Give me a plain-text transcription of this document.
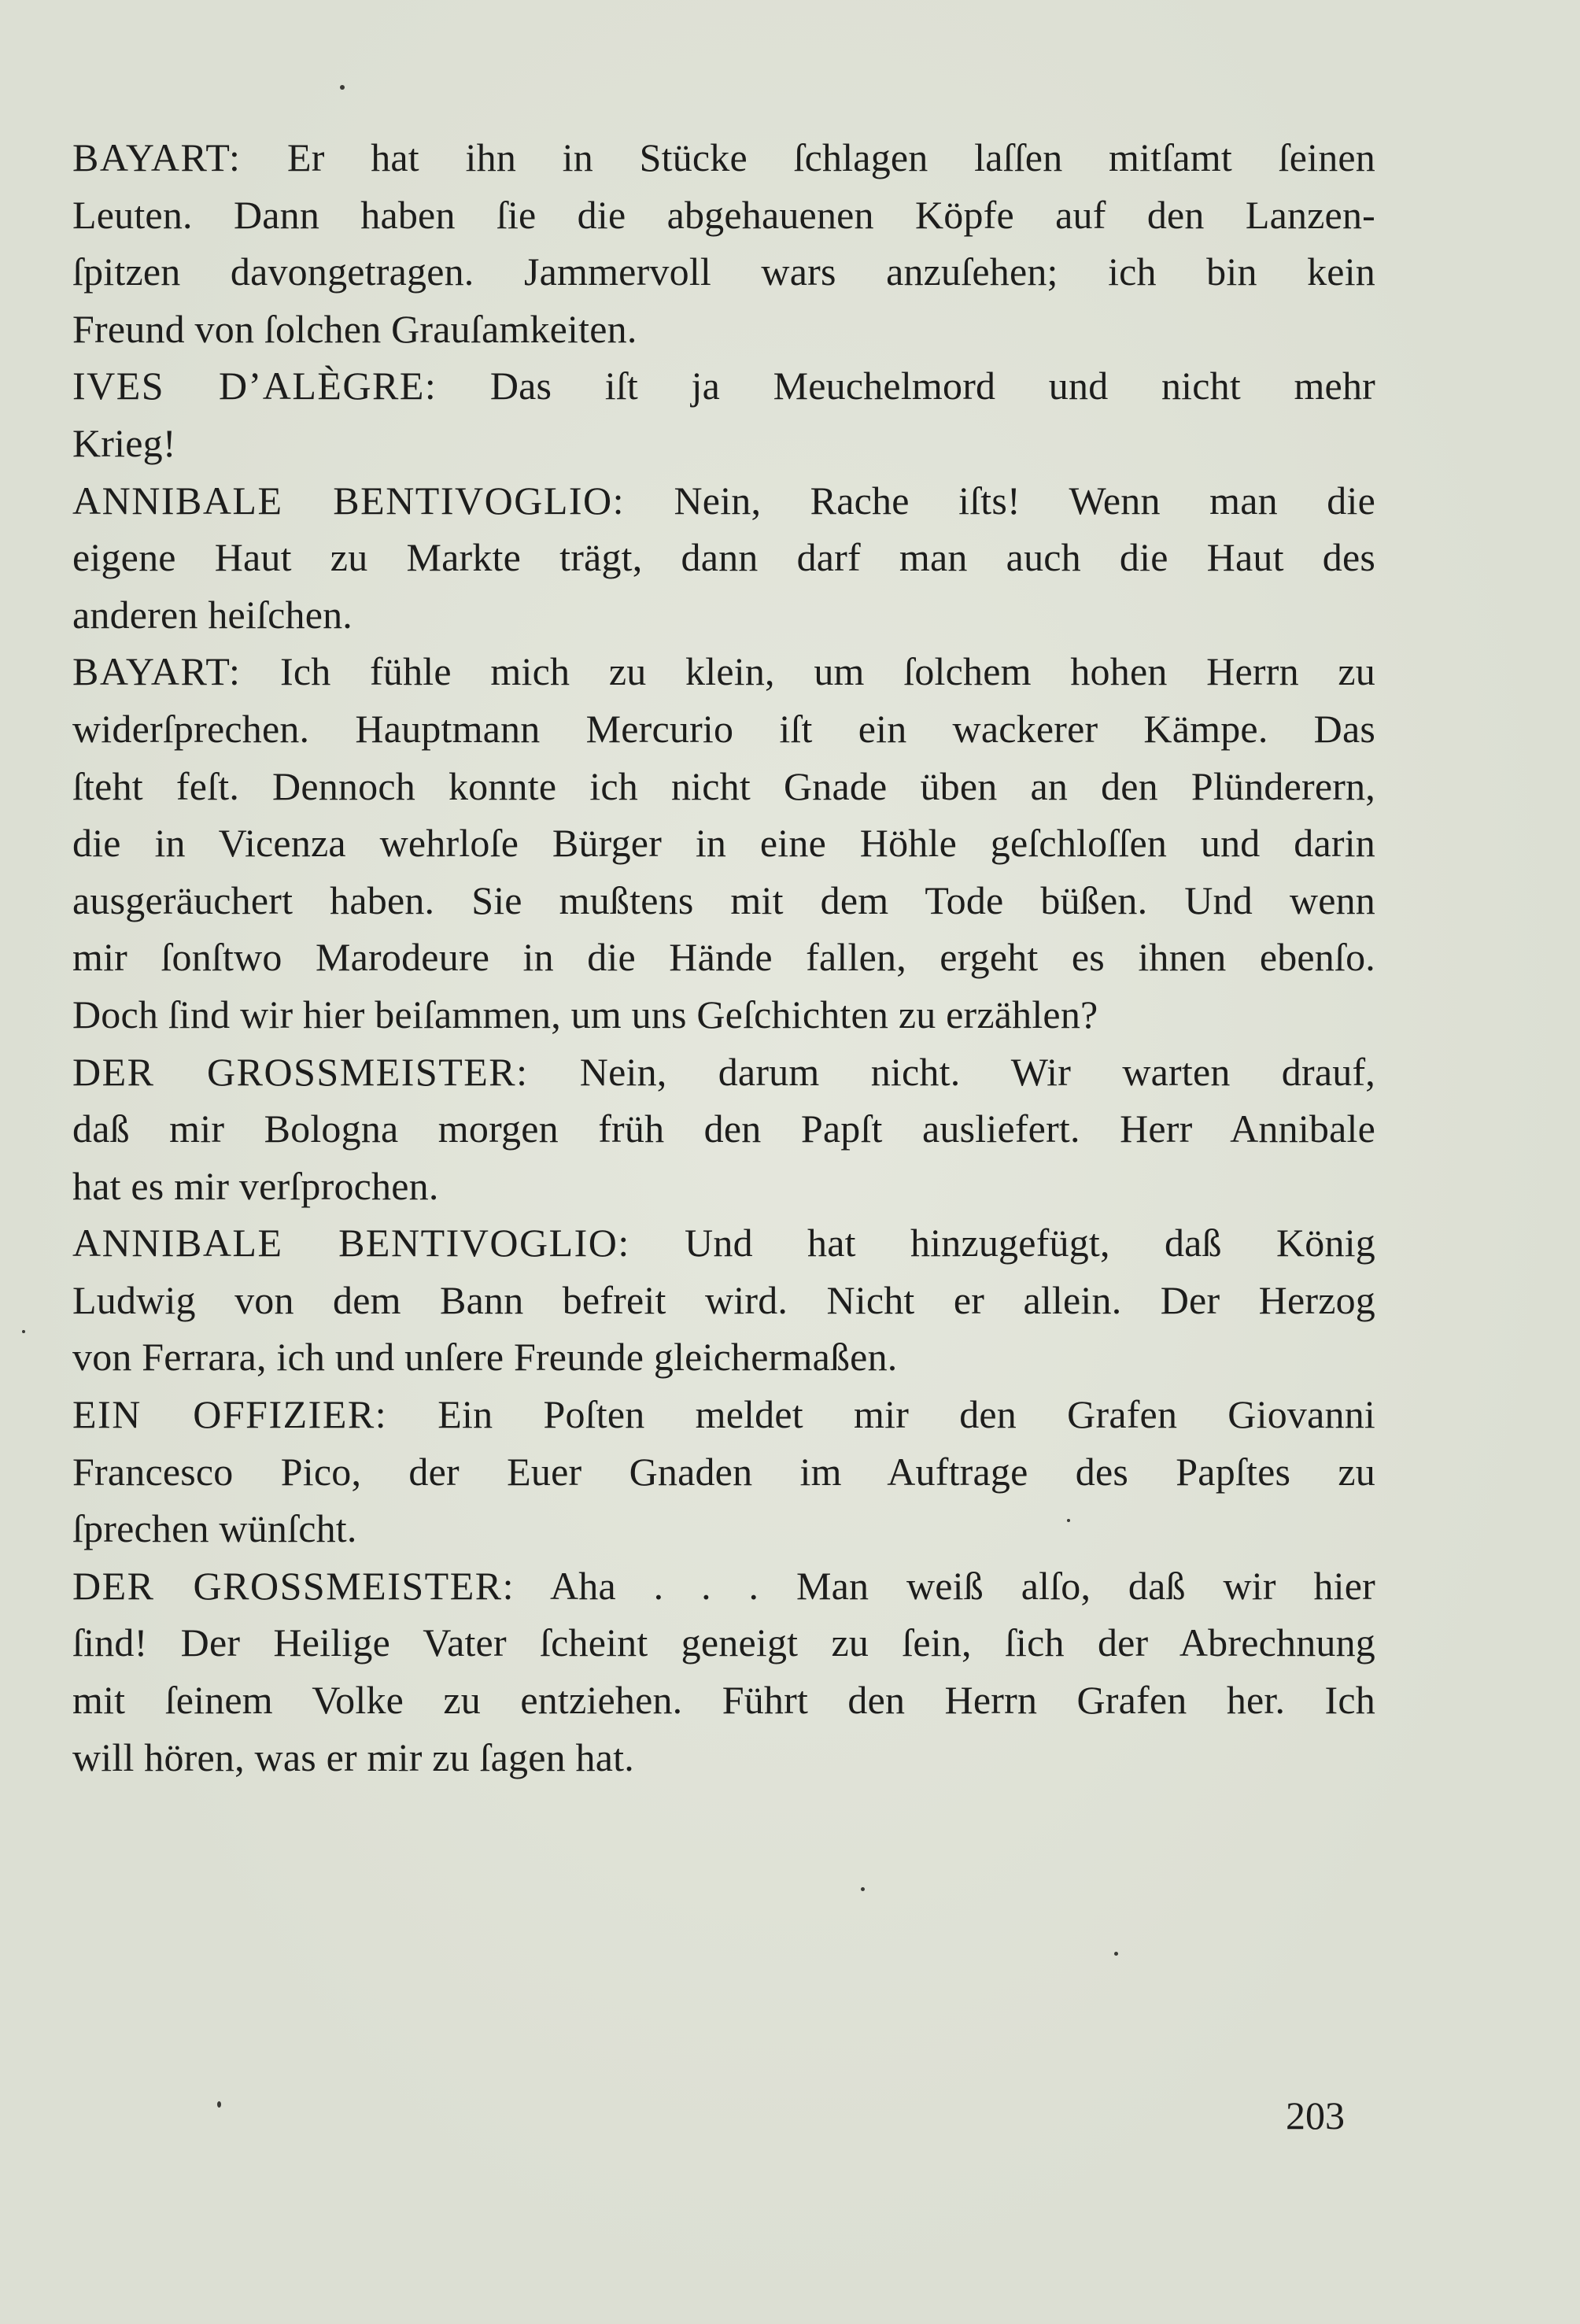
BAYART: Er hat ihn in Stücke ſchlagen laſſen mitſamt ſeinen
Leuten. Dann haben ſie die abgehauenen Köpfe auf den Lanzen-
ſpitzen davongetragen. Jammervoll wars anzuſehen; ich bin kein
Freund von ſolchen Grauſamkeiten.
IVES D’ALÈGRE: Das iſt ja Meuchelmord und nicht mehr
Krieg!
ANNIBALE BENTIVOGLIO: Nein, Rache iſts! Wenn man die
eigene Haut zu Markte trägt, dann darf man auch die Haut des
anderen heiſchen.
BAYART: Ich fühle mich zu klein, um ſolchem hohen Herrn zu
widerſprechen. Hauptmann Mercurio iſt ein wackerer Kämpe. Das
ſteht feſt. Dennoch konnte ich nicht Gnade üben an den Plünderern,
die in Vicenza wehrloſe Bürger in eine Höhle geſchloſſen und darin
ausgeräuchert haben. Sie mußtens mit dem Tode büßen. Und wenn
mir ſonſtwo Marodeure in die Hände fallen, ergeht es ihnen ebenſo.
Doch ſind wir hier beiſammen, um uns Geſchichten zu erzählen?
DER GROSSMEISTER: Nein, darum nicht. Wir warten drauf,
daß mir Bologna morgen früh den Papſt ausliefert. Herr Annibale
hat es mir verſprochen.
ANNIBALE BENTIVOGLIO: Und hat hinzugefügt, daß König
Ludwig von dem Bann befreit wird. Nicht er allein. Der Herzog
von Ferrara, ich und unſere Freunde gleichermaßen.
EIN OFFIZIER: Ein Poſten meldet mir den Grafen Giovanni
Francesco Pico, der Euer Gnaden im Auftrage des Papſtes zu
ſprechen wünſcht.
DER GROSSMEISTER: Aha . . . Man weiß alſo, daß wir hier
ſind! Der Heilige Vater ſcheint geneigt zu ſein, ſich der Abrechnung
mit ſeinem Volke zu entziehen. Führt den Herrn Grafen her. Ich
will hören, was er mir zu ſagen hat.
203
